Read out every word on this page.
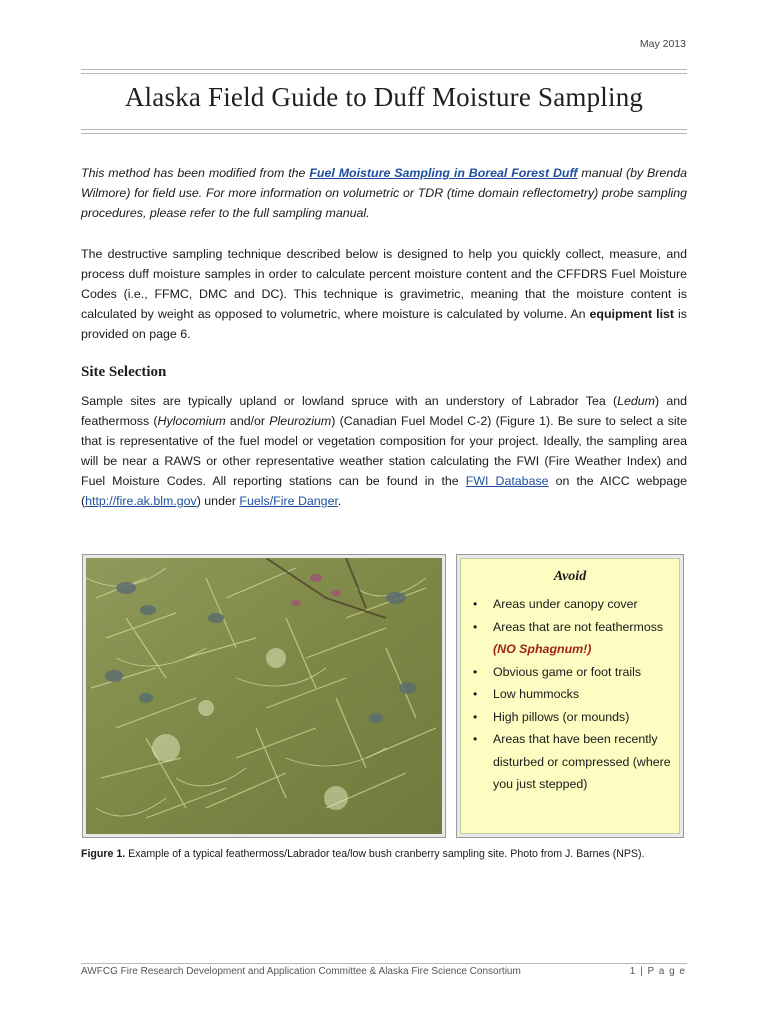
May 2013
Alaska Field Guide to Duff Moisture Sampling

This method has been modified from the Fuel Moisture Sampling in Boreal Forest Duff manual (by Brenda Wilmore) for field use. For more information on volumetric or TDR (time domain reflectometry) probe sampling procedures, please refer to the full sampling manual.

The destructive sampling technique described below is designed to help you quickly collect, measure, and process duff moisture samples in order to calculate percent moisture content and the CFFDRS Fuel Moisture Codes (i.e., FFMC, DMC and DC). This technique is gravimetric, meaning that the moisture content is calculated by weight as opposed to volumetric, where moisture is calculated by volume. An equipment list is provided on page 6.

Site Selection

Sample sites are typically upland or lowland spruce with an understory of Labrador Tea (Ledum) and feathermoss (Hylocomium and/or Pleurozium) (Canadian Fuel Model C-2) (Figure 1). Be sure to select a site that is representative of the fuel model or vegetation composition for your project. Ideally, the sampling area will be near a RAWS or other representative weather station calculating the FWI (Fire Weather Index) and Fuel Moisture Codes. All reporting stations can be found in the FWI Database on the AICC webpage (http://fire.ak.blm.gov) under Fuels/Fire Danger.

Avoid
• Areas under canopy cover
• Areas that are not feathermoss
(NO Sphagnum!)
• Obvious game or foot trails
• Low hummocks
• High pillows (or mounds)
• Areas that have been recently disturbed or compressed (where you just stepped)
Figure 1. Example of a typical feathermoss/Labrador tea/low bush cranberry sampling site. Photo from J. Barnes (NPS).
AWFCG Fire Research Development and Application Committee & Alaska Fire Science Consortium	1 | P a g e
